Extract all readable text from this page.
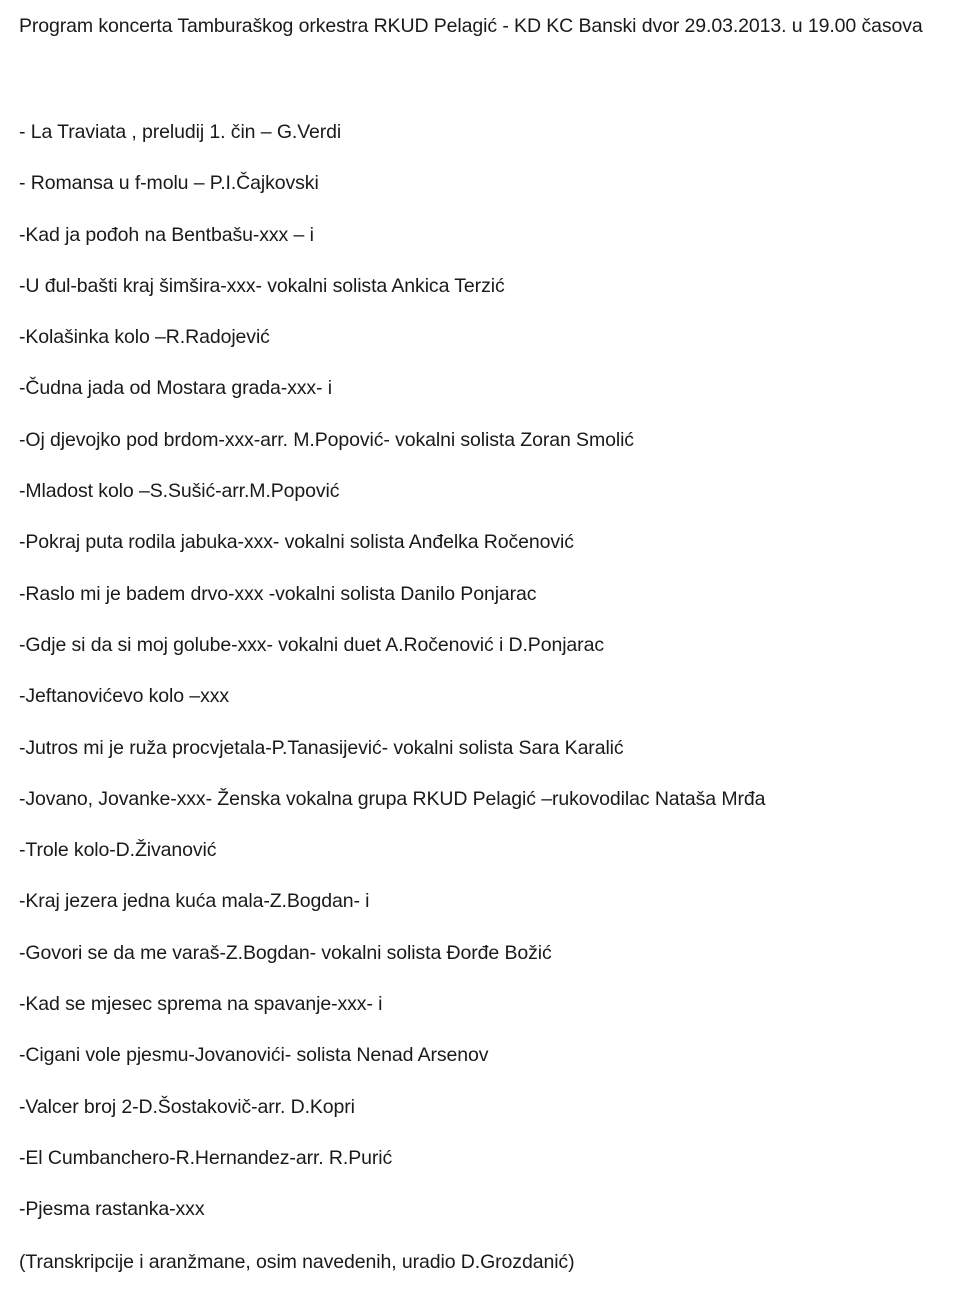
Program koncerta Tamburaškog orkestra RKUD Pelagić - KD KC Banski dvor 29.03.2013. u 19.00 časova
- La Traviata , preludij 1. čin – G.Verdi
- Romansa u f-molu – P.I.Čajkovski
-Kad ja pođoh na Bentbašu-xxx – i
-U đul-bašti kraj šimšira-xxx- vokalni solista Ankica Terzić
-Kolašinka kolo –R.Radojević
-Čudna jada od Mostara grada-xxx- i
-Oj djevojko pod brdom-xxx-arr. M.Popović- vokalni solista Zoran Smolić
-Mladost kolo –S.Sušić-arr.M.Popović
-Pokraj puta rodila jabuka-xxx- vokalni solista Anđelka Ročenović
-Raslo mi je badem drvo-xxx -vokalni solista Danilo Ponjarac
-Gdje si da si moj golube-xxx- vokalni duet A.Ročenović i D.Ponjarac
-Jeftanovićevo kolo –xxx
-Jutros mi je ruža procvjetala-P.Tanasijević- vokalni solista Sara Karalić
-Jovano, Jovanke-xxx- Ženska vokalna grupa RKUD Pelagić –rukovodilac Nataša Mrđa
-Trole kolo-D.Živanović
-Kraj jezera jedna kuća mala-Z.Bogdan- i
-Govori se da me varaš-Z.Bogdan- vokalni solista Đorđe Božić
-Kad se mjesec sprema na spavanje-xxx- i
-Cigani vole pjesmu-Jovanovići- solista Nenad Arsenov
-Valcer broj 2-D.Šostakovič-arr. D.Kopri
-El Cumbanchero-R.Hernandez-arr. R.Purić
-Pjesma rastanka-xxx
(Transkripcije i aranžmane, osim navedenih, uradio D.Grozdanić)
